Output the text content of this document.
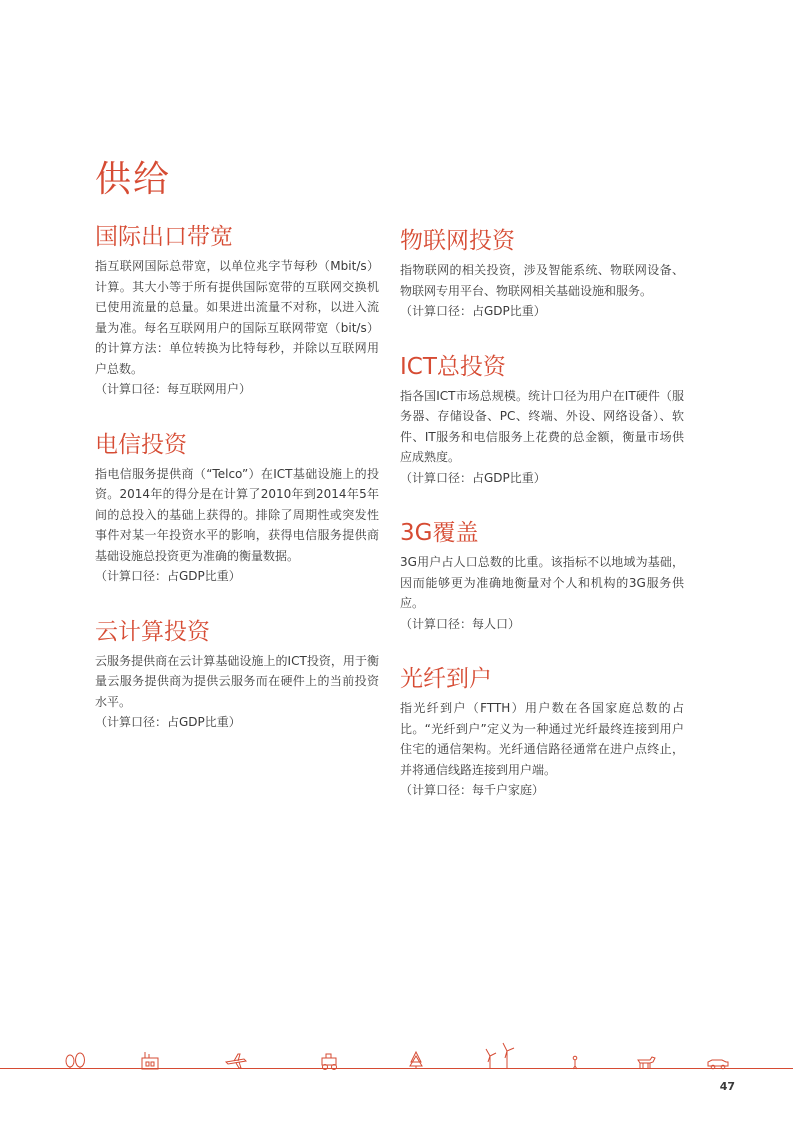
供给
国际出口带宽

指互联网国际总带宽，以单位兆字节每秒（Mbit/s）计算。其大小等于所有提供国际宽带的互联网交换机已使用流量的总量。如果进出流量不对称，以进入流量为准。每名互联网用户的国际互联网带宽（bit/s）的计算方法：单位转换为比特每秒，并除以互联网用户总数。

（计算口径：每互联网用户）
电信投资

指电信服务提供商（“Telco”）在ICT基础设施上的投资。2014年的得分是在计算了2010年到2014年5年间的总投入的基础上获得的。排除了周期性或突发性事件对某一年投资水平的影响，获得电信服务提供商基础设施总投资更为准确的衡量数据。

（计算口径：占GDP比重）
云计算投资

云服务提供商在云计算基础设施上的ICT投资，用于衡量云服务提供商为提供云服务而在硬件上的当前投资水平。

（计算口径：占GDP比重）
物联网投资

指物联网的相关投资，涉及智能系统、物联网设备、物联网专用平台、物联网相关基础设施和服务。

（计算口径：占GDP比重）
ICT总投资

指各国ICT市场总规模。统计口径为用户在IT硬件（服务器、存储设备、PC、终端、外设、网络设备）、软件、IT服务和电信服务上花费的总金额，衡量市场供应成熟度。

（计算口径：占GDP比重）
3G覆盖

3G用户占人口总数的比重。该指标不以地域为基础，因而能够更为准确地衡量对个人和机构的3G服务供应。

（计算口径：每人口）
光纤到户

指光纤到户（FTTH）用户数在各国家庭总数的占比。“光纤到户”定义为一种通过光纤最终连接到用户住宅的通信架构。光纤通信路径通常在进户点终止，并将通信线路连接到用户端。

（计算口径：每千户家庭）
47
